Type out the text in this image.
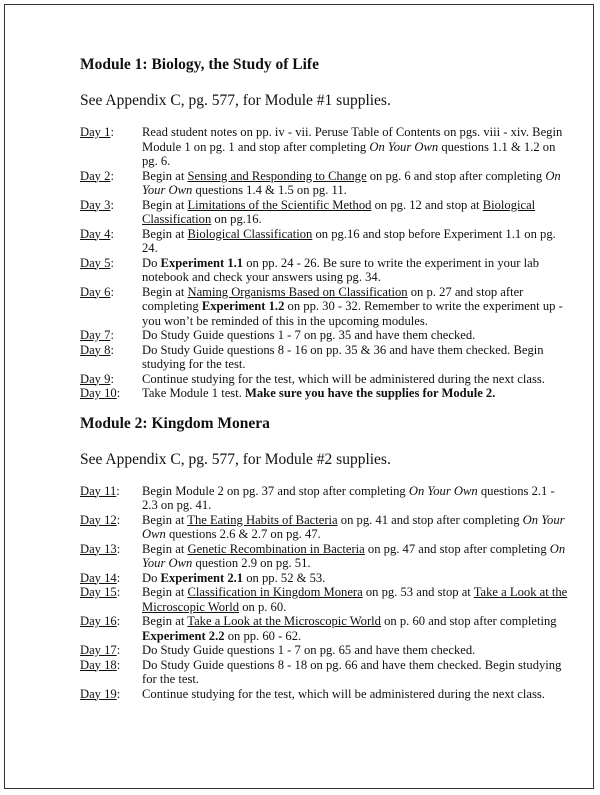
Module 1: Biology, the Study of Life

See Appendix C, pg. 577, for Module #1 supplies.

Day 1:	Read student notes on pp. iv - vii. Peruse Table of Contents on pgs. viii - xiv. Begin Module 1 on pg. 1 and stop after completing On Your Own questions 1.1 & 1.2 on pg. 6.
Day 2:	Begin at Sensing and Responding to Change on pg. 6 and stop after completing On Your Own questions 1.4 & 1.5 on pg. 11.
Day 3:	Begin at Limitations of the Scientific Method on pg. 12 and stop at Biological Classification on pg.16.
Day 4:	Begin at Biological Classification on pg.16 and stop before Experiment 1.1 on pg. 24.
Day 5:	Do Experiment 1.1 on pp. 24 - 26. Be sure to write the experiment in your lab notebook and check your answers using pg. 34.
Day 6:	Begin at Naming Organisms Based on Classification on p. 27 and stop after completing Experiment 1.2 on pp. 30 - 32. Remember to write the experiment up - you won’t be reminded of this in the upcoming modules.
Day 7:	Do Study Guide questions 1 - 7 on pg. 35 and have them checked.
Day 8:	Do Study Guide questions 8 - 16 on pp. 35 & 36 and have them checked. Begin studying for the test.
Day 9:	Continue studying for the test, which will be administered during the next class.
Day 10:	Take Module 1 test. Make sure you have the supplies for Module 2.

Module 2: Kingdom Monera

See Appendix C, pg. 577, for Module #2 supplies.

Day 11:	Begin Module 2 on pg. 37 and stop after completing On Your Own questions 2.1 - 2.3 on pg. 41.
Day 12:	Begin at The Eating Habits of Bacteria on pg. 41 and stop after completing On Your Own questions 2.6 & 2.7 on pg. 47.
Day 13:	Begin at Genetic Recombination in Bacteria on pg. 47 and stop after completing On Your Own question 2.9 on pg. 51.
Day 14:	Do Experiment 2.1 on pp. 52 & 53.
Day 15:	Begin at Classification in Kingdom Monera on pg. 53 and stop at Take a Look at the Microscopic World on p. 60.
Day 16:	Begin at Take a Look at the Microscopic World on p. 60 and stop after completing Experiment 2.2 on pp. 60 - 62.
Day 17:	Do Study Guide questions 1 - 7 on pg. 65 and have them checked.
Day 18:	Do Study Guide questions 8 - 18 on pg. 66 and have them checked. Begin studying for the test.
Day 19:	Continue studying for the test, which will be administered during the next class.
